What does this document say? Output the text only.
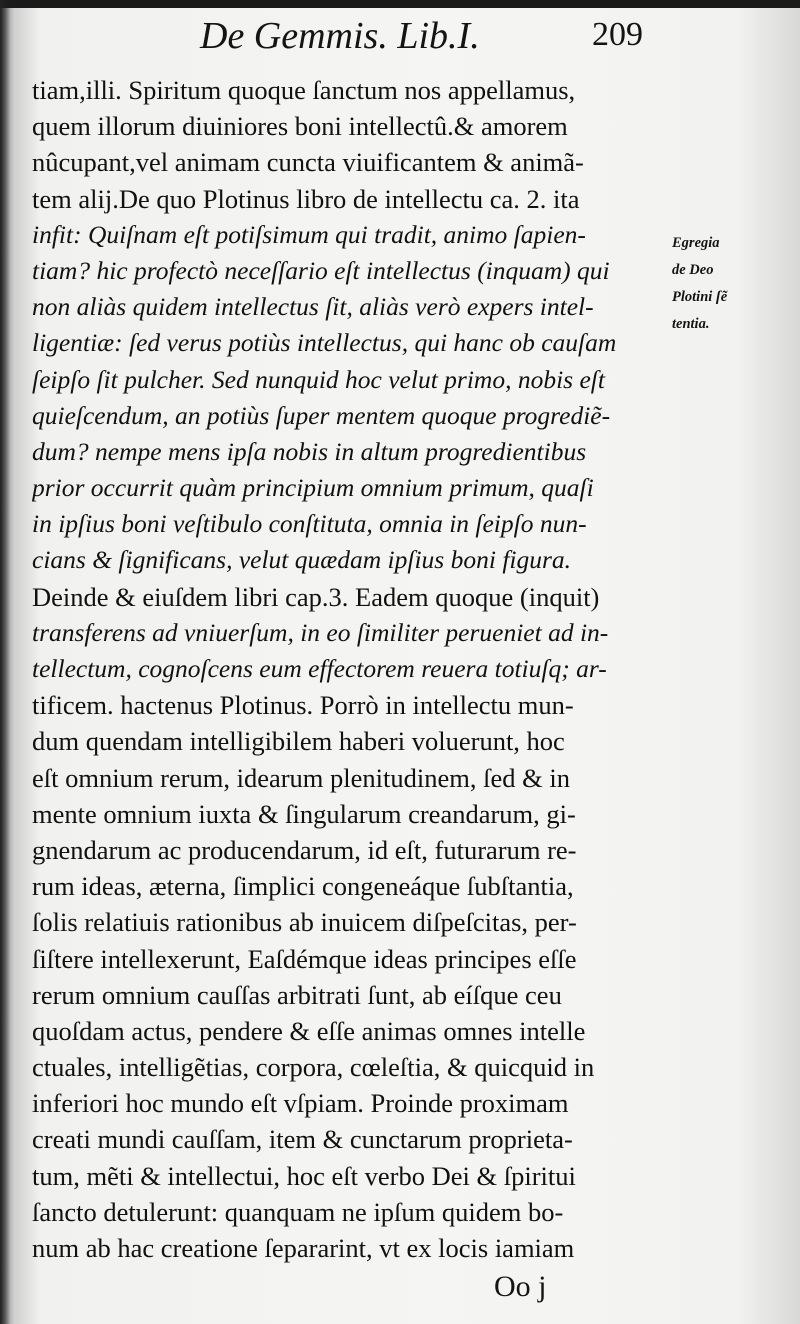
De Gemmis. Lib.I.	209
tiam,illi. Spiritum quoque ſanctum nos appellamus,
quem illorum diuiniores boni intellectû.& amorem
nûcupant,vel animam cuncta viuificantem & animã-
tem alij.De quo Plotinus libro de intellectu ca. 2. ita
infit: Quiſnam eſt potiſsimum qui tradit, animo ſapien-
tiam? hic profectò neceſſario eſt intellectus (inquam) qui
non aliàs quidem intellectus ſit, aliàs verò expers intel-
ligentiæ: ſed verus potiùs intellectus, qui hanc ob cauſam
ſeipſo ſit pulcher. Sed nunquid hoc velut primo, nobis eſt
quieſcendum, an potiùs ſuper mentem quoque progrediẽ-
dum? nempe mens ipſa nobis in altum progredientibus
prior occurrit quàm principium omnium primum, quaſi
in ipſius boni veſtibulo conſtituta, omnia in ſeipſo nun-
cians & ſignificans, velut quædam ipſius boni figura.
Deinde & eiuſdem libri cap.3. Eadem quoque (inquit)
transferens ad vniuerſum, in eo ſimiliter perueniet ad in-
tellectum, cognoſcens eum effectorem reuera totiuſq; ar-
tificem. hactenus Plotinus. Porrò in intellectu mun-
dum quendam intelligibilem haberi voluerunt, hoc
eſt omnium rerum, idearum plenitudinem, ſed & in
mente omnium iuxta & ſingularum creandarum, gi-
gnendarum ac producendarum, id eſt, futurarum re-
rum ideas, æterna, ſimplici congeneáque ſubſtantia,
ſolis relatiuis rationibus ab inuicem diſpeſcitas, per-
ſiſtere intellexerunt, Eaſdémque ideas principes eſſe
rerum omnium cauſſas arbitrati ſunt, ab eíſque ceu
quoſdam actus, pendere & eſſe animas omnes intelle
ctuales, intelligẽtias, corpora, cœleſtia, & quicquid in
inferiori hoc mundo eſt vſpiam. Proinde proximam
creati mundi cauſſam, item & cunctarum proprieta-
tum, mẽti & intellectui, hoc eſt verbo Dei & ſpiritui
ſancto detulerunt: quanquam ne ipſum quidem bo-
num ab hac creatione ſepararint, vt ex locis iamiam
Egregia
de Deo
Plotini ſẽ
tentia.
Oo j
